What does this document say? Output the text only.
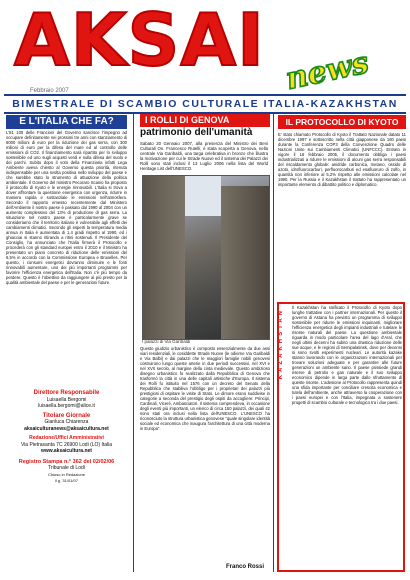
AKSAI news
Febbraio 2007
BIMESTRALE DI SCAMBIO CULTURALE ITALIA-KAZAKHSTAN
E L'ITALIA CHE FA?
L'81 100 delle Francioni del Governo sancisce l'impegno ad occupare definitamente nei prossimi tre anni con stanziamento di 6000 milioni di euro per la riduzione dei gas serra, con 300 milioni di euro per la difesa del mare ed al controllo delle emissioni di CO2. Il finanziamento sarà ripartito per lo sviluppo sostenibile ed uno sugli acquisti verdi e sulla difesa del suolo e dei parchi. Subito dopo il voto della Finanziaria infatti Lega Ambiente aveva chiesto al Governo questa priorità, ritenuta indispensabile per una svolta positiva nello sviluppo del paese e che sarebbe stato lo strumento di attuazione della politica ambientale. Il Governo del ministro Pecoraro Scanio ha proposto il protocollo di Kyoto e le energie rinnovabili. L'Italia si trova a dover affrontare la questione energetica con urgenza, ridurre in maniera rapida e sostanziale le emissioni nell'atmosfera. Secondo il rapporto emesso recentemente dal Ministero dell'Ambiente il nostro paese è passato dal 1990 al 2004 con un aumento complessivo del 13% di produzione di gas serra. La situazione nel nostro paese è particolarmente grave se consideriamo che il territorio italiano è vulnerabile agli effetti dei cambiamenti climatici. Secondo gli esperti la temperatura media annua in Italia è aumentata di 1,4 gradi rispetto al 1990, ed i ghiacciai si stanno ritirando a ritmi sostenuti. Il Presidente del Consiglio, ha annunciato che l'Italia firmerà il Protocollo e procederà con gli standard europei entro il 2010 e il Ministro ha presentato un piano concreto di riduzione delle emissioni del 6,5% in accordo con la Commissione Europea e Bruxelles. Per questo, i consumi energetici dovranno diminuire e le fonti rinnovabili aumentare, uno dei più importanti programmi per favorire l'efficienza energetica dell'Italia. Non c'è più tempo da perdere. Questo è l'obiettivo da raggiungere al più presto per la qualità ambientale del paese e per le generazioni future.
I ROLLI DI GENOVA
patrimonio dell'umanità
Sabato 20 Gennaio 2007, alla presenza del Ministro dei Beni Culturali On. Francesco Rutelli, è stata scoperta a Genova, nella centrale Via Garibaldi, una targa celebrativa in bronzo che illustra la motivazione per cui le Strade Nuove ed il sistema dei Palazzi dei Rolli sono stati inclusi il 13 Luglio 2006 nella lista del World Heritage List dell'UNESCO.
I palazzi di Via Garibaldi
Questo giudizio urbanistico è composto essenzialmente da due assi viari residenziali, le cosiddette Strade Nuove (le odierne Via Garibaldi e Via Balbi) e dai palazzi che le maggiori famiglie nobili genovesi costruirono lungo queste arterie in due periodi successivi, nel XVI e nel XVII secolo, al margine della cinta medievale. Questo ambizioso disegno urbanistico fu realizzato dalla Repubblica di Genova che trasformò la città in una delle capitali artistiche d'Europa. Il sistema dei Rolli fu istituito nel 1576 con un decreto del Senato della Repubblica che stabiliva l'obbligo per i proprietari dei palazzi più prestigiosi di ospitare le visite di Stato. Le dimore erano suddivise in categorie a seconda del prestigio degli ospiti da accogliere: Principi, Cardinali, Viceré, Ambasciatori. Il sistema comprendeva, in occasione degli eventi più importanti, un elenco di circa 150 palazzi, dei quali 42 sono stati ora inclusi nella lista dell'UNESCO. L'UNESCO ha riconosciuto la struttura urbanistica genovese "quale singolare identità sociale ed economica che inaugura l'architettura di una città moderna in Europa".
Franco Rossi
IL PROTOCOLLO DI KYOTO
E' stato chiamato Protocollo di Kyoto il Trattato Nazionale datato 11 dicembre 1997 e sottoscritto nella città giapponese da 160 paesi durante la Conferenza COP3 della Convenzione Quadro delle Nazioni Unite sui Cambiamenti Climatici (UNFCCC). Entrato in vigore il 16 febbraio 2005, il documento obbliga i paesi industrializzati a ridurre le emissioni di alcuni gas serra responsabili del riscaldamento globale: anidride carbonica, metano, ossido di azoto, idrofluorocarburi, perfluorocarburi ed esafluoruro di zolfo, in quantità non inferiore al 5,2% rispetto alle emissioni calcolate nel 1990. Per la Russia e il Kazakhstan il trattato ha rappresentato un importante elemento di dibattito politico e diplomatico.
KAZAKHSTAN
Il Kazakhstan ha ratificato il Protocollo di Kyoto dopo lunghe trattative con i partner internazionali. Per questo il governo di Astana ha previsto un programma di sviluppo sostenibile per ridurre le emissioni inquinanti, migliorare l'efficienza energetica degli impianti industriali e tutelare le risorse naturali del paese. La questione ambientale riguarda in modo particolare l'area del lago d'Aral, che negli ultimi decenni ha subito una drastica riduzione delle sue acque, e le regioni di Semipalatinsk, dove per decenni si sono svolti esperimenti nucleari. Le autorità kazake stanno lavorando con le organizzazioni internazionali per trovare soluzioni adeguate e per garantire alle future generazioni un ambiente sano. Il paese possiede grandi riserve di petrolio e gas naturale e il suo sviluppo economico dipende in larga parte dallo sfruttamento di queste risorse. L'adesione al Protocollo rappresenta quindi una sfida importante per conciliare crescita economica e tutela dell'ambiente, anche attraverso la cooperazione con i paesi europei e con l'Italia, impegnata a sostenere progetti di scambio culturale e tecnologico tra i due paesi.
Direttore Responsabile
Luisaella Bergomi
luisaella.bergomi@alice.it
Titolare Giornale
Gianluca Chiarenza
aksaiculturanews@aksaicultura.net
Redazione/Uffici Amministrativi
Via Pietrasanta 7C 26900 Lodi (LO) Italia
www.aksaicultura.net
Registro Stampa n.° 362 del 02/02/06
Tribunale di Lodi
Chiuso in Redazione
il g. 31/01/07
